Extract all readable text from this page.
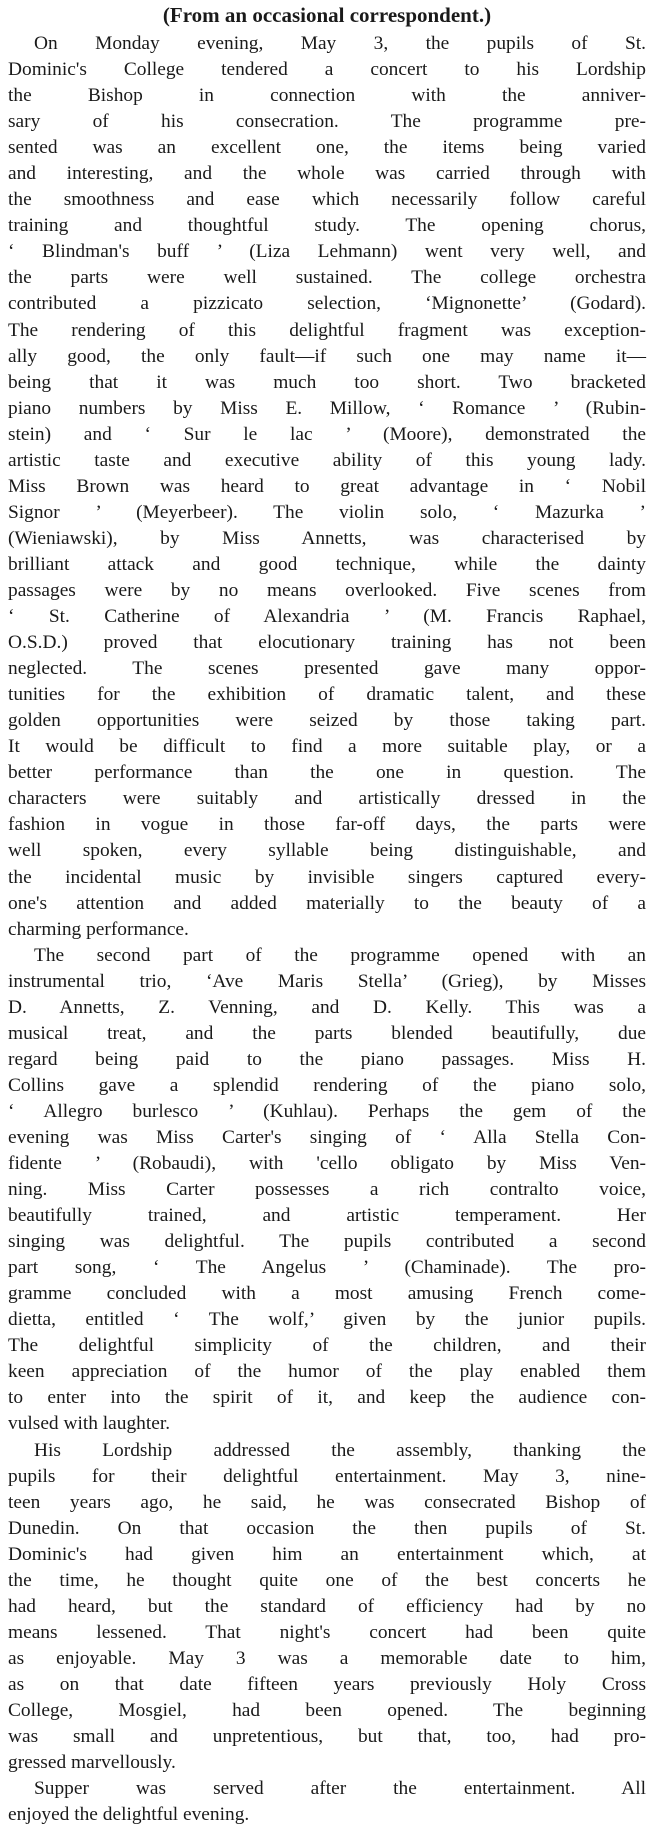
(From an occasional correspondent.)
On Monday evening, May 3, the pupils of St.
Dominic's College tendered a concert to his Lordship
the Bishop in connection with the anniver-
sary of his consecration. The programme pre-
sented was an excellent one, the items being varied
and interesting, and the whole was carried through with
the smoothness and ease which necessarily follow careful
training and thoughtful study. The opening chorus,
‘ Blindman's buff ’ (Liza Lehmann) went very well, and
the parts were well sustained. The college orchestra
contributed a pizzicato selection, ‘Mignonette’ (Godard).
The rendering of this delightful fragment was exception-
ally good, the only fault—if such one may name it—
being that it was much too short. Two bracketed
piano numbers by Miss E. Millow, ‘ Romance ’ (Rubin-
stein) and ‘ Sur le lac ’ (Moore), demonstrated the
artistic taste and executive ability of this young lady.
Miss Brown was heard to great advantage in ‘ Nobil
Signor ’ (Meyerbeer). The violin solo, ‘ Mazurka ’
(Wieniawski), by Miss Annetts, was characterised by
brilliant attack and good technique, while the dainty
passages were by no means overlooked. Five scenes from
‘ St. Catherine of Alexandria ’ (M. Francis Raphael,
O.S.D.) proved that elocutionary training has not been
neglected. The scenes presented gave many oppor-
tunities for the exhibition of dramatic talent, and these
golden opportunities were seized by those taking part.
It would be difficult to find a more suitable play, or a
better performance than the one in question. The
characters were suitably and artistically dressed in the
fashion in vogue in those far-off days, the parts were
well spoken, every syllable being distinguishable, and
the incidental music by invisible singers captured every-
one's attention and added materially to the beauty of a
charming performance.
The second part of the programme opened with an
instrumental trio, ‘Ave Maris Stella’ (Grieg), by Misses
D. Annetts, Z. Venning, and D. Kelly. This was a
musical treat, and the parts blended beautifully, due
regard being paid to the piano passages. Miss H.
Collins gave a splendid rendering of the piano solo,
‘ Allegro burlesco ’ (Kuhlau). Perhaps the gem of the
evening was Miss Carter's singing of ‘ Alla Stella Con-
fidente ’ (Robaudi), with 'cello obligato by Miss Ven-
ning. Miss Carter possesses a rich contralto voice,
beautifully trained, and artistic temperament. Her
singing was delightful. The pupils contributed a second
part song, ‘ The Angelus ’ (Chaminade). The pro-
gramme concluded with a most amusing French come-
dietta, entitled ‘ The wolf,’ given by the junior pupils.
The delightful simplicity of the children, and their
keen appreciation of the humor of the play enabled them
to enter into the spirit of it, and keep the audience con-
vulsed with laughter.
His Lordship addressed the assembly, thanking the
pupils for their delightful entertainment. May 3, nine-
teen years ago, he said, he was consecrated Bishop of
Dunedin. On that occasion the then pupils of St.
Dominic's had given him an entertainment which, at
the time, he thought quite one of the best concerts he
had heard, but the standard of efficiency had by no
means lessened. That night's concert had been quite
as enjoyable. May 3 was a memorable date to him,
as on that date fifteen years previously Holy Cross
College, Mosgiel, had been opened. The beginning
was small and unpretentious, but that, too, had pro-
gressed marvellously.
Supper was served after the entertainment. All
enjoyed the delightful evening.
